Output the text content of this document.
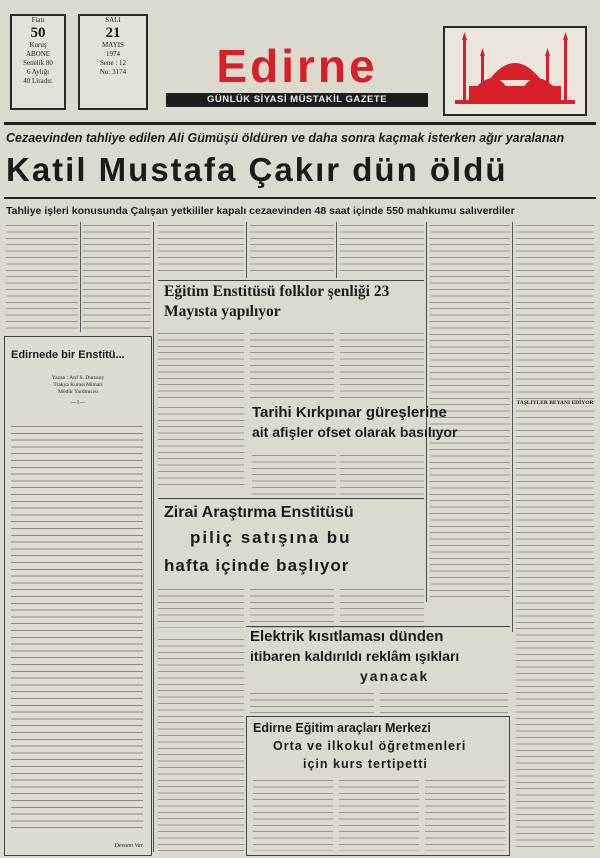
Fiatı
50
Kuruş
ABONE
Senelik 80
6 Aylığı
40 Liradır.
SALI
21
MAYIS
1974
Sene : 12
No: 3174	Edirne
GÜNLÜK SİYASİ MÜSTAKİL GAZETE
Cezaevinden tahliye edilen Ali Gümüşü öldüren ve daha sonra kaçmak isterken ağır yaralanan
Katil Mustafa Çakır dün öldü
Tahliye işleri konusunda Çalışan yetkililer kapalı cezaevinden 48 saat içinde 550 mahkumu salıverdiler
Edirnede bir Enstitü...
Yazan : Atıf S. Durusoy
Trakya Kurası Mimari
Müdür Yardımcısı
—1—
Devamı Var
Eğitim Enstitüsü folklor şenliği 23 Mayısta yapılıyor
Tarihi Kırkpınar güreşlerine
ait afişler ofset olarak basılıyor
Zirai Araştırma Enstitüsü
piliç satışına bu
hafta içinde başlıyor
Elektrik kısıtlaması dünden
itibaren kaldırıldı reklâm ışıkları
yanacak
Edirne Eğitim araçları Merkezi
Orta ve ilkokul öğretmenleri
için kurs tertipetti
TAŞLIYLER BEYANI EDİYOR
